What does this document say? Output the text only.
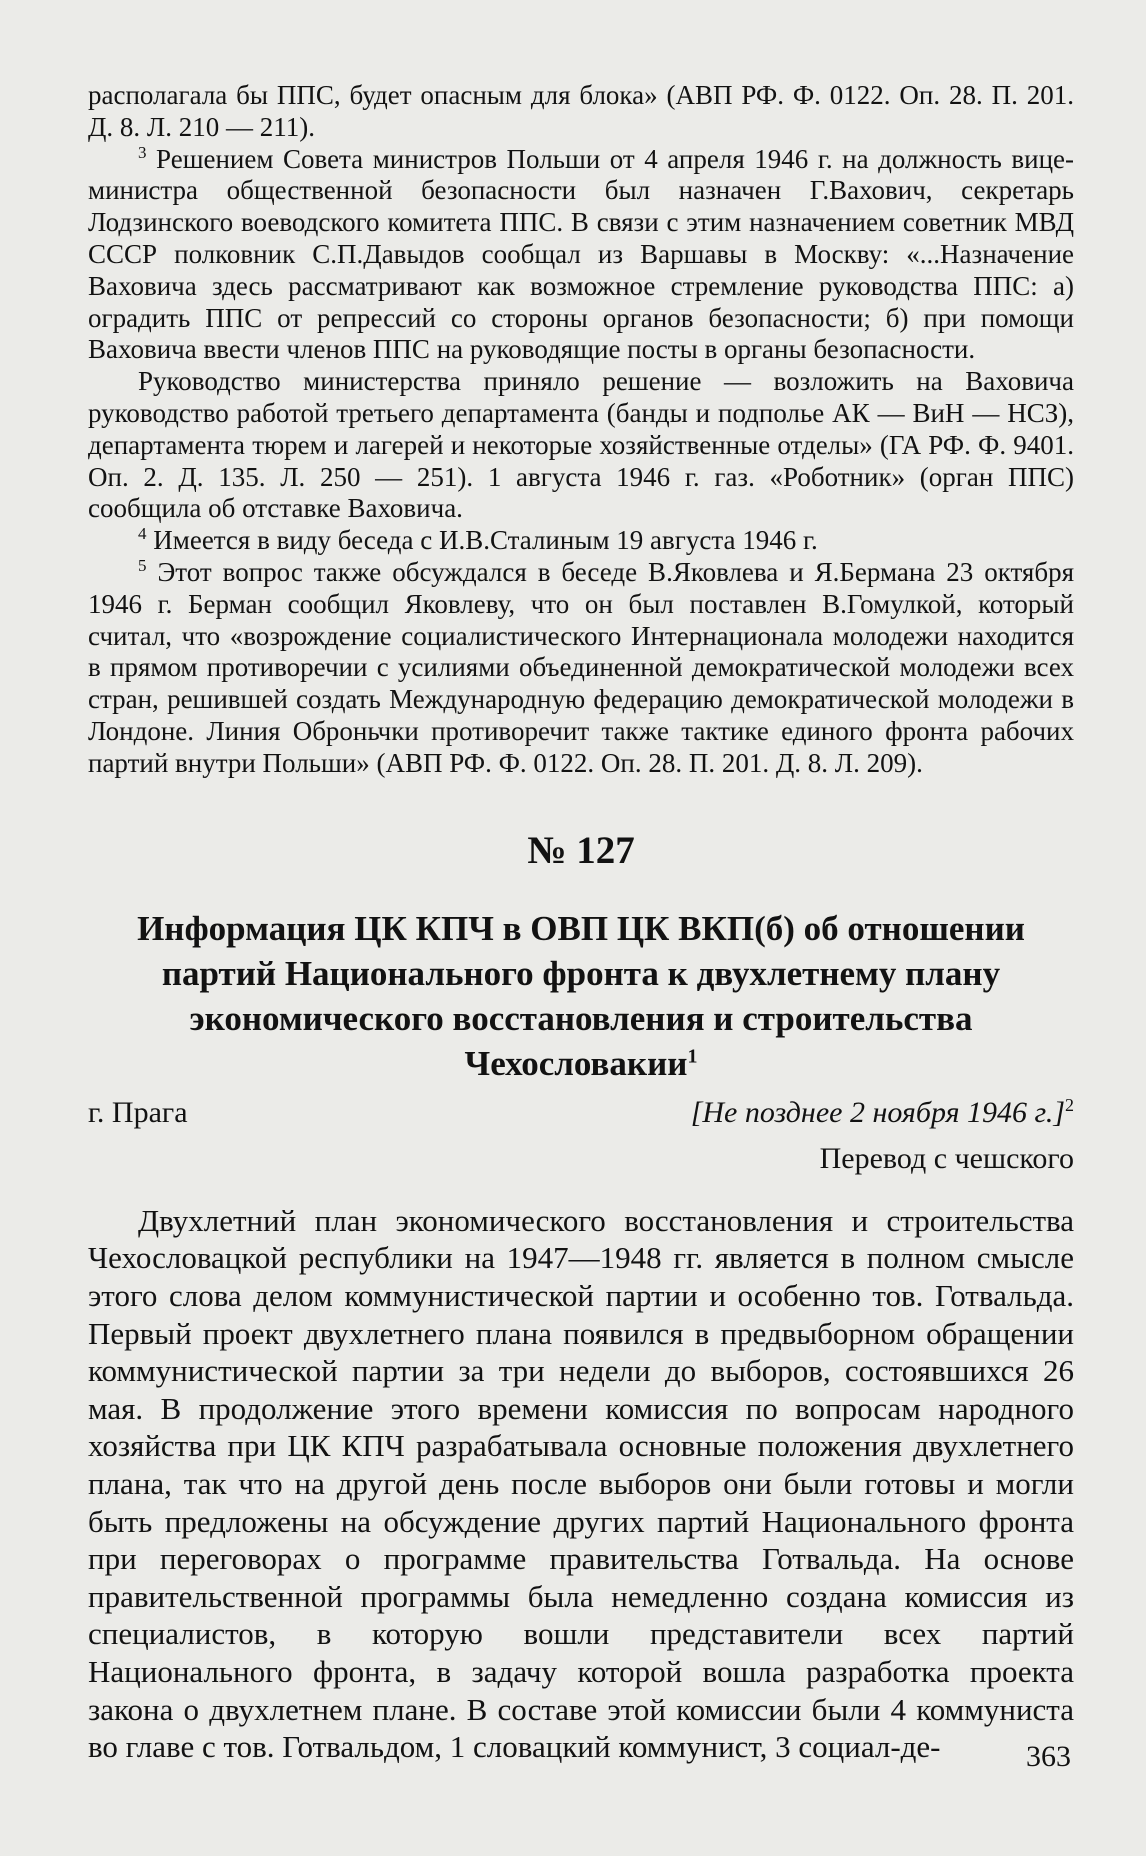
располагала бы ППС, будет опасным для блока» (АВП РФ. Ф. 0122. Оп. 28. П. 201. Д. 8. Л. 210 — 211).

$^3$ Решением Совета министров Польши от 4 апреля 1946 г. на должность вице-министра общественной безопасности был назначен Г.Вахович, секретарь Лодзинского воеводского комитета ППС. В связи с этим назначением советник МВД СССР полковник С.П.Давыдов сообщал из Варшавы в Москву: «...Назначение Ваховича здесь рассматривают как возможное стремление руководства ППС: а) оградить ППС от репрессий со стороны органов безопасности; б) при помощи Ваховича ввести членов ППС на руководящие посты в органы безопасности.

Руководство министерства приняло решение — возложить на Ваховича руководство работой третьего департамента (банды и подполье АК — ВиН — НСЗ), департамента тюрем и лагерей и некоторые хозяйственные отделы» (ГА РФ. Ф. 9401. Оп. 2. Д. 135. Л. 250 — 251). 1 августа 1946 г. газ. «Роботник» (орган ППС) сообщила об отставке Ваховича.

$^4$ Имеется в виду беседа с И.В.Сталиным 19 августа 1946 г.

$^5$ Этот вопрос также обсуждался в беседе В.Яковлева и Я.Бермана 23 октября 1946 г. Берман сообщил Яковлеву, что он был поставлен В.Гомулкой, который считал, что «возрождение социалистического Интернационала молодежи находится в прямом противоречии с усилиями объединенной демократической молодежи всех стран, решившей создать Международную федерацию демократической молодежи в Лондоне. Линия Оброньчки противоречит также тактике единого фронта рабочих партий внутри Польши» (АВП РФ. Ф. 0122. Оп. 28. П. 201. Д. 8. Л. 209).

№ 127
Информация ЦК КПЧ в ОВП ЦК ВКП(б) об отношении партий Национального фронта к двухлетнему плану экономического восстановления и строительства Чехословакии$^1$
г. Прага	[Не позднее 2 ноября 1946 г.]$^2$
Перевод с чешского

Двухлетний план экономического восстановления и строительства Чехословацкой республики на 1947—1948 гг. является в полном смысле этого слова делом коммунистической партии и особенно тов. Готвальда. Первый проект двухлетнего плана появился в предвыборном обращении коммунистической партии за три недели до выборов, состоявшихся 26 мая. В продолжение этого времени комиссия по вопросам народного хозяйства при ЦК КПЧ разрабатывала основные положения двухлетнего плана, так что на другой день после выборов они были готовы и могли быть предложены на обсуждение других партий Национального фронта при переговорах о программе правительства Готвальда. На основе правительственной программы была немедленно создана комиссия из специалистов, в которую вошли представители всех партий Национального фронта, в задачу которой вошла разработка проекта закона о двухлетнем плане. В составе этой комиссии были 4 коммуниста во главе с тов. Готвальдом, 1 словацкий коммунист, 3 социал-де-	363
